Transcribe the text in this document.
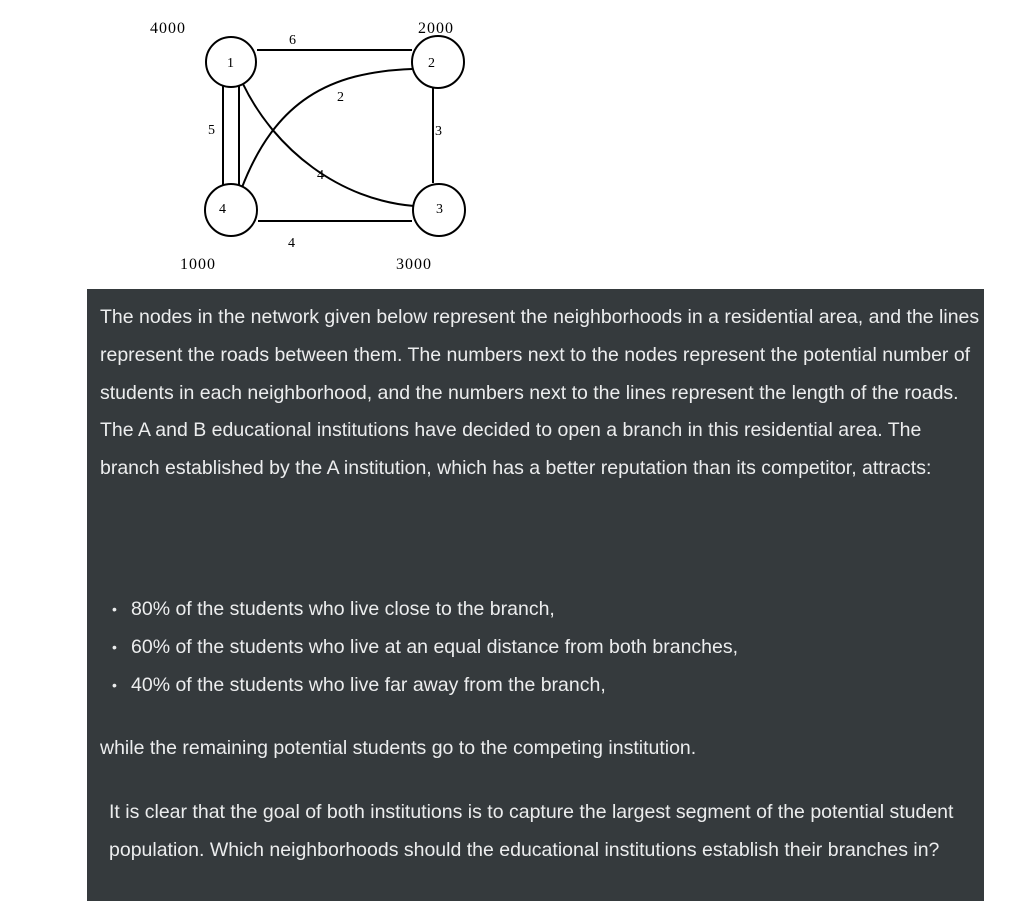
6
5	3
4
2
4
1	2
3
4
4000	2000
3000
1000

The nodes in the network given below represent the neighborhoods in a residential area, and the lines represent the roads between them. The numbers next to the nodes represent the potential number of students in each neighborhood, and the numbers next to the lines represent the length of the roads. The A and B educational institutions have decided to open a branch in this residential area. The branch established by the A institution, which has a better reputation than its competitor, attracts:

• 80% of the students who live close to the branch,
• 60% of the students who live at an equal distance from both branches,
• 40% of the students who live far away from the branch,

while the remaining potential students go to the competing institution.

It is clear that the goal of both institutions is to capture the largest segment of the potential student population. Which neighborhoods should the educational institutions establish their branches in?
